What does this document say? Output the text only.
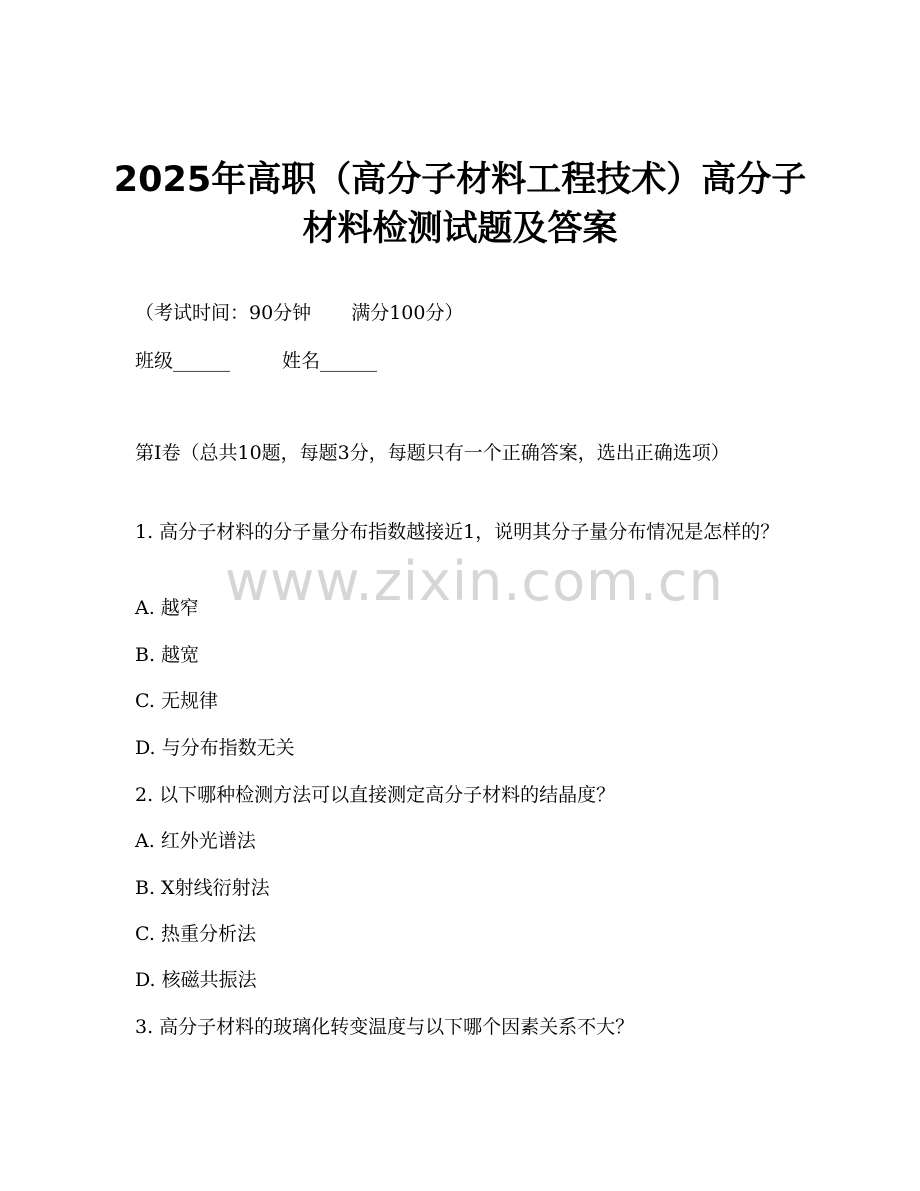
2025年高职（高分子材料工程技术）高分子
材料检测试题及答案
（考试时间：90分钟 满分100分）
班级______	姓名______
第Ⅰ卷（总共10题，每题3分，每题只有一个正确答案，选出正确选项）
1. 高分子材料的分子量分布指数越接近1，说明其分子量分布情况是怎样的？
A. 越窄
B. 越宽
C. 无规律
D. 与分布指数无关
2. 以下哪种检测方法可以直接测定高分子材料的结晶度？
A. 红外光谱法
B. X射线衍射法
C. 热重分析法
D. 核磁共振法
3. 高分子材料的玻璃化转变温度与以下哪个因素关系不大？
www.zixin.com.cn
